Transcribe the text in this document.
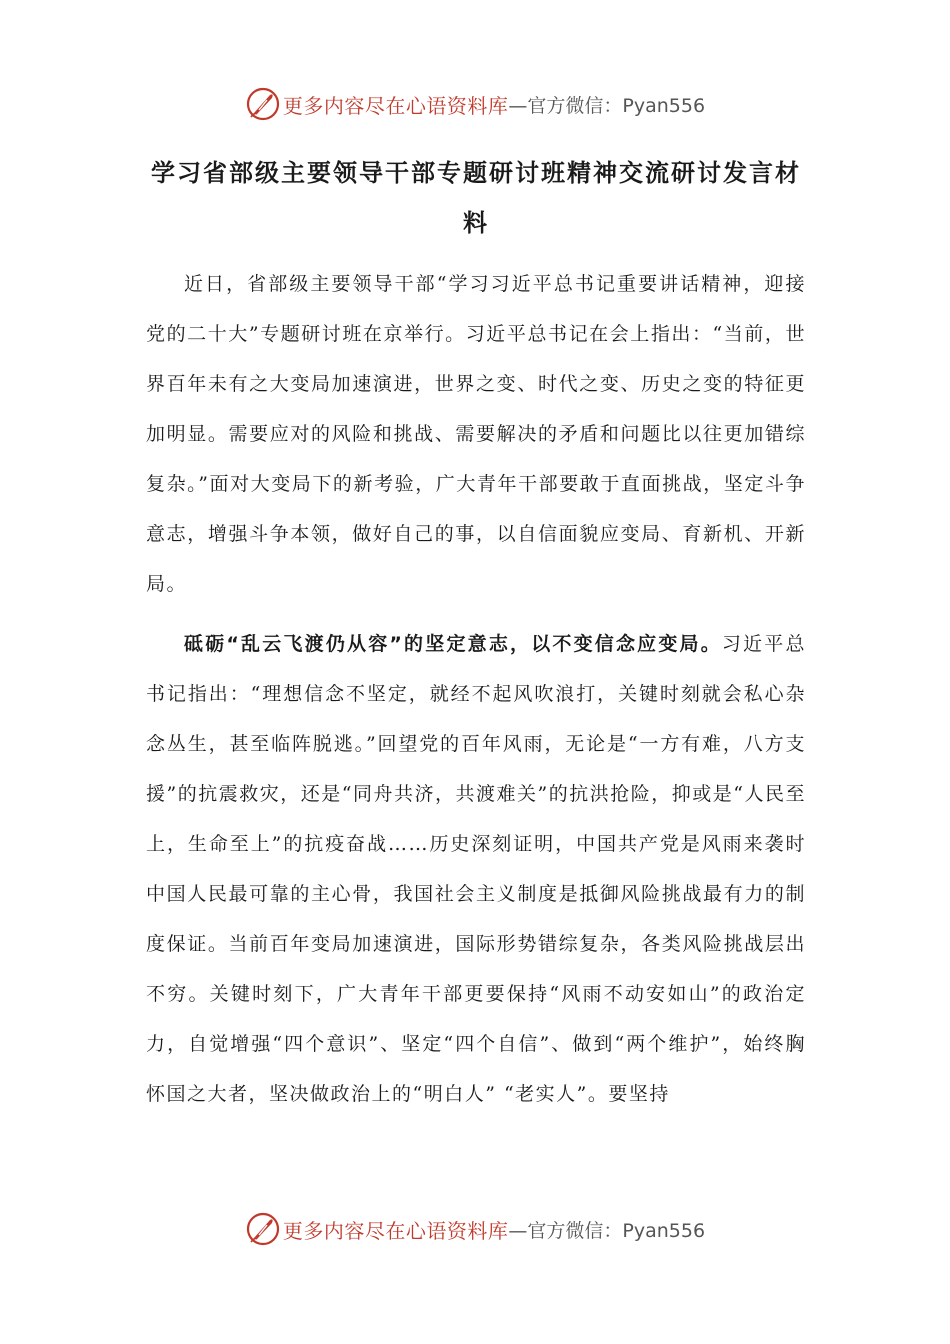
更多内容尽在心语资料库 —官方微信：Pyan556
学习省部级主要领导干部专题研讨班精神交流研讨发言材料

近日，省部级主要领导干部“学习习近平总书记重要讲话精神，迎接党的二十大”专题研讨班在京举行。习近平总书记在会上指出：“当前，世界百年未有之大变局加速演进，世界之变、时代之变、历史之变的特征更加明显。需要应对的风险和挑战、需要解决的矛盾和问题比以往更加错综复杂。”面对大变局下的新考验，广大青年干部要敢于直面挑战，坚定斗争意志，增强斗争本领，做好自己的事，以自信面貌应变局、育新机、开新局。

砥砺“乱云飞渡仍从容”的坚定意志，以不变信念应变局。习近平总书记指出：“理想信念不坚定，就经不起风吹浪打，关键时刻就会私心杂念丛生，甚至临阵脱逃。”回望党的百年风雨，无论是“一方有难，八方支援”的抗震救灾，还是“同舟共济，共渡难关”的抗洪抢险，抑或是“人民至上，生命至上”的抗疫奋战……历史深刻证明，中国共产党是风雨来袭时中国人民最可靠的主心骨，我国社会主义制度是抵御风险挑战最有力的制度保证。当前百年变局加速演进，国际形势错综复杂，各类风险挑战层出不穷。关键时刻下，广大青年干部更要保持“风雨不动安如山”的政治定力，自觉增强“四个意识”、坚定“四个自信”、做到“两个维护”，始终胸怀国之大者，坚决做政治上的“明白人” “老实人”。要坚持

更多内容尽在心语资料库 —官方微信：Pyan556
